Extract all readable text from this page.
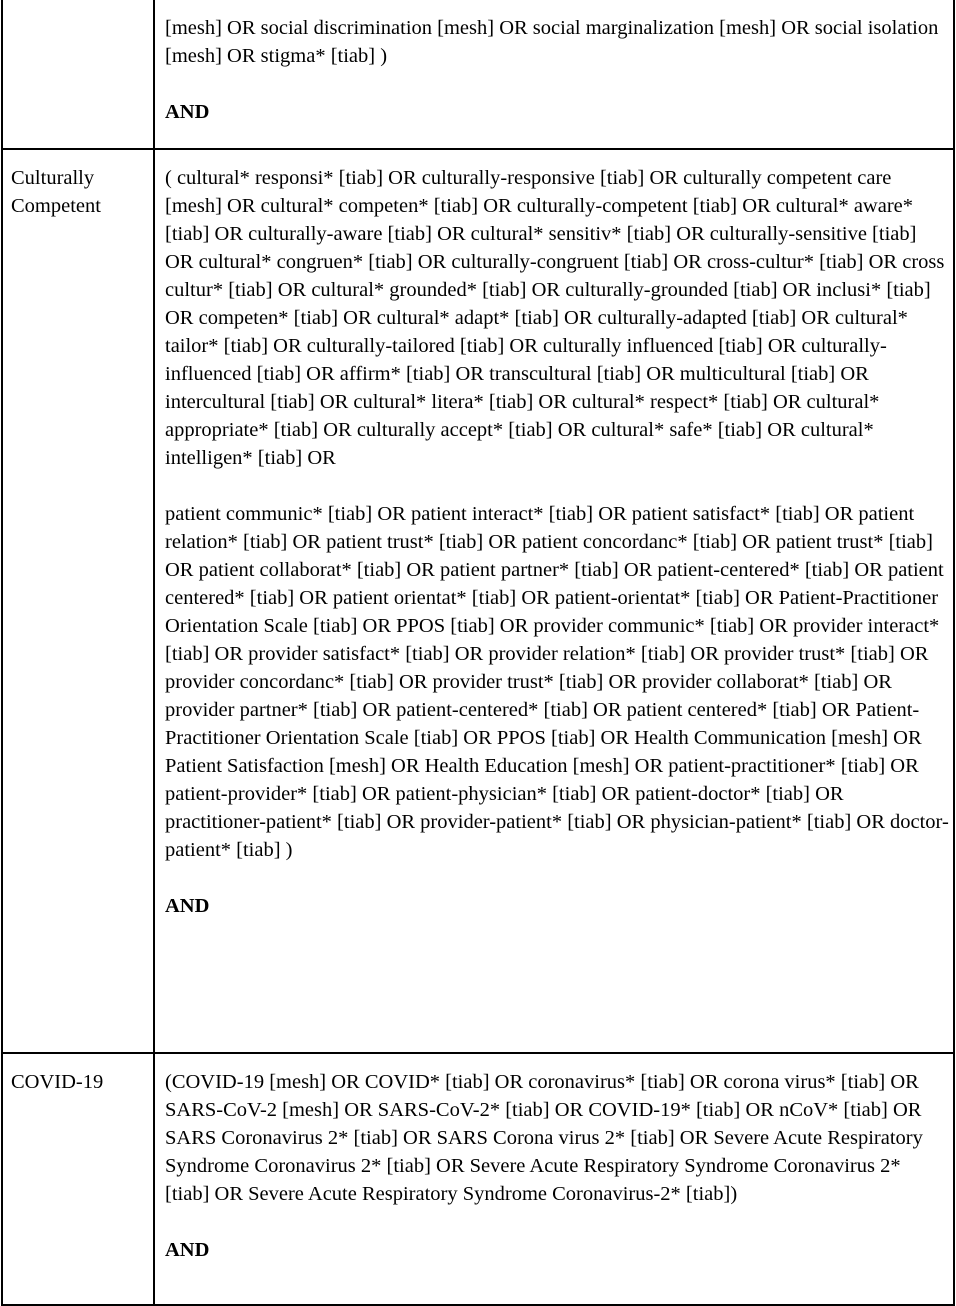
	[mesh] OR social discrimination [mesh] OR social marginalization [mesh] OR social isolation [mesh] OR stigma* [tiab] )

AND

Culturally Competent	( cultural* responsi* [tiab] OR culturally-responsive [tiab] OR culturally competent care [mesh] OR cultural* competen* [tiab] OR culturally-competent [tiab] OR cultural* aware* [tiab] OR culturally-aware [tiab] OR cultural* sensitiv* [tiab] OR culturally-sensitive [tiab] OR cultural* congruen* [tiab] OR culturally-congruent [tiab] OR cross-cultur* [tiab] OR cross cultur* [tiab] OR cultural* grounded* [tiab] OR culturally-grounded [tiab] OR inclusi* [tiab] OR competen* [tiab] OR cultural* adapt* [tiab] OR culturally-adapted [tiab] OR cultural* tailor* [tiab] OR culturally-tailored [tiab] OR culturally influenced [tiab] OR culturally-influenced [tiab] OR affirm* [tiab] OR transcultural [tiab] OR multicultural [tiab] OR intercultural [tiab] OR cultural* litera* [tiab] OR cultural* respect* [tiab] OR cultural* appropriate* [tiab] OR culturally accept* [tiab] OR cultural* safe* [tiab] OR cultural* intelligen* [tiab] OR

patient communic* [tiab] OR patient interact* [tiab] OR patient satisfact* [tiab] OR patient relation* [tiab] OR patient trust* [tiab] OR patient concordanc* [tiab] OR patient trust* [tiab] OR patient collaborat* [tiab] OR patient partner* [tiab] OR patient-centered* [tiab] OR patient centered* [tiab] OR patient orientat* [tiab] OR patient-orientat* [tiab] OR Patient-Practitioner Orientation Scale [tiab] OR PPOS [tiab] OR provider communic* [tiab] OR provider interact* [tiab] OR provider satisfact* [tiab] OR provider relation* [tiab] OR provider trust* [tiab] OR provider concordanc* [tiab] OR provider trust* [tiab] OR provider collaborat* [tiab] OR provider partner* [tiab] OR patient-centered* [tiab] OR patient centered* [tiab] OR Patient-Practitioner Orientation Scale [tiab] OR PPOS [tiab] OR Health Communication [mesh] OR Patient Satisfaction [mesh] OR Health Education [mesh] OR patient-practitioner* [tiab] OR patient-provider* [tiab] OR patient-physician* [tiab] OR patient-doctor* [tiab] OR practitioner-patient* [tiab] OR provider-patient* [tiab] OR physician-patient* [tiab] OR doctor-patient* [tiab] )

AND

COVID-19	(COVID-19 [mesh] OR COVID* [tiab] OR coronavirus* [tiab] OR corona virus* [tiab] OR SARS-CoV-2 [mesh] OR SARS-CoV-2* [tiab] OR COVID-19* [tiab] OR nCoV* [tiab] OR SARS Coronavirus 2* [tiab] OR SARS Corona virus 2* [tiab] OR Severe Acute Respiratory Syndrome Coronavirus 2* [tiab] OR Severe Acute Respiratory Syndrome Coronavirus 2* [tiab] OR Severe Acute Respiratory Syndrome Coronavirus-2* [tiab])

AND
